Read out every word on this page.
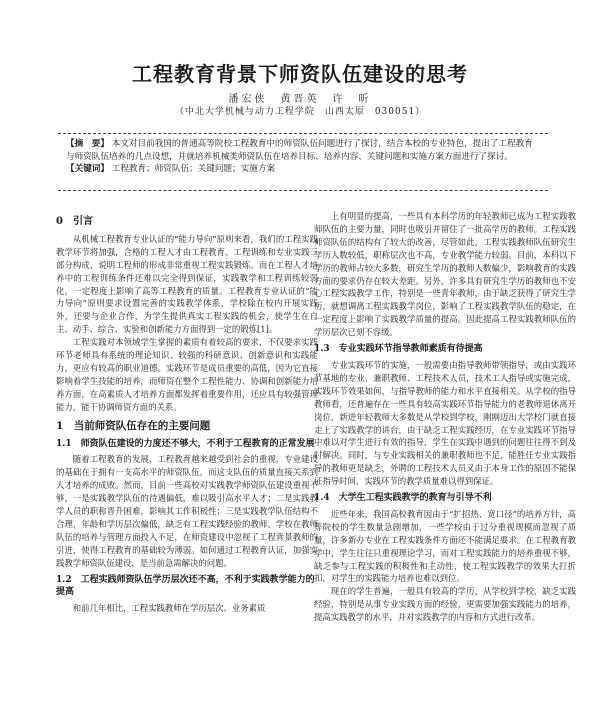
工程教育背景下师资队伍建设的思考
潘宏侠　黄晋英　许　昕
（中北大学机械与动力工程学院　山西太原　030051）

【摘　要】 本文对目前我国的普通高等院校工程教育中的师资队伍问题进行了探讨，结合本校的专业特色，提出了工程教育与师资队伍培养的几点设想，并就培养机械类师资队伍在培养目标、培养内容、关键问题和实施方案方面进行了探讨。

【关键词】 工程教育；师资队伍；关键问题；实施方案

0　引言

从机械工程教育专业认证的“能力导向”原则来看，我们的工程实践教学环节将加强，合格的工程人才由工程教育、工程训练和专业实践三部分构成，说明工程师的形成非常重视工程实践锻炼。而在工程人才培养中的工程训练条件还难以完全得到保证，实践教学和工程训练较弱化，一定程度上影响了高等工程教育的质量。工程教育专业认证的“能力导向”原则要求设置完善的实践教学体系，学校除在校内开展实践外，还要与企业合作，为学生提供真实工程实践的机会，使学生在自主、动手、综合、实验和创新能力方面得到一定的锻炼[1]。

工程实践对本领域学生掌握的素质有着较高的要求，不仅要求实践环节老师具有系统的理论知识、较强的科研意识、创新意识和实践能力，更应有较高的职业道德。实践环节是成员重要的高低，因为它直接影响着学生技能的培养，而师资在整个工程性能力、协调和创新能力培养方面，在高素质人才培养方面都发挥着重要作用，还应具有较强管理能力，能干协调师资方面的关系。

1　当前师资队伍存在的主要问题
1.1　师资队伍建设的力度还不够大，不利于工程教育的正常发展

随着工程教育的发展，工程教育越来越受到社会的重视，专业建设的基础在于拥有一支高水平的师资队伍，而这支队伍的质量直接关系到人才培养的成败。然而，目前一些高校对实践教学师资队伍建设重视不够，一是实践教学队伍的待遇偏低，难以吸引高水平人才；二是实践教学人员的职称晋升困难，影响其工作积极性；三是实践教学队伍结构不合理，年龄和学历层次偏低，缺乏有工程实践经验的教师。学校在教师队伍的培养与管理方面投入不足，在师资建设中忽视了工程背景教师的引进，使得工程教育的基础较为薄弱。如何通过工程教育认证，加强实践教学师资队伍建设，是当前急需解决的问题。

1.2　工程实践师资队伍学历层次还不高，不利于实践教学能力的提高

和前几年相比，工程实践教师在学历层次、业务素质

上有明显的提高，一些具有本科学历的年轻教师已成为工程实践教师队伍的主要力量，同时也吸引并留住了一批高学历的教师。工程实践师资队伍的结构有了较大的改善，尽管如此，工程实践教师队伍研究生学历人数较低，职称层次也不高，专业教学能力较弱。目前，本科以下学历的教师占较大多数，研究生学历的教师人数偏少，影响教育的实践方面的要求仍存在较大差距。另外，许多具有研究生学历的教师也不安心工程实践教学工作，特别是一些青年教师，由于缺乏获得了研究生学历，就想调离工程实践教学岗位，影响了工程实践教学队伍的稳定，在一定程度上影响了实践教学质量的提高。因此提高工程实践教师队伍的学历层次已刻不容缓。

1.3　专业实践环节指导教师素质有待提高

专业实践环节的实施，一般需要由指导教师带领指导，或由实践环节基地的专业、兼职教师、工程技术人员，技术工人指导或实施完成，实践环节效果如何，与指导教师的能力和水平直接相关。从学校的指导教师看，还普遍存在一些具有较高实践环节指导能力的老教师退休离开岗位，新进年轻教师大多数是从学校到学校，刚刚迈出大学校门就直接走上了实践教学的讲台，由于缺乏工程实践经历，在专业实践环节指导中难以对学生进行有效的指导，学生在实践中遇到的问题往往得不到及时解决。同时，与专业实践相关的兼职教师也不足，能胜任专业实践指导的教师更是缺乏，外聘的工程技术人员又由于本身工作的原因不能保证指导时间，实践环节的教学质量难以得到保证。

1.4　大学生工程实践教学的教育与引导不利

近些年来，我国高校教育因由于“扩招热、宽口径”的培养方针，高等院校的学生数量急剧增加，一些学校由于过分重视规模而忽视了质量，许多新办专业在工程实践条件方面还不能满足要求。在工程教育教学中，学生往往只重视理论学习，而对工程实践能力的培养重视不够，缺乏参与工程实践的积极性和主动性，使工程实践教学的效果大打折扣，对学生的实践能力培养也难以到位。

现在的学生普遍，一般具有较高的学历，从学校到学校，缺乏实践经验，特别是从事专业实践方面的经验，更需要加强实践能力的培养，提高实践教学的水平，并对实践教学的内容和方式进行改革。
